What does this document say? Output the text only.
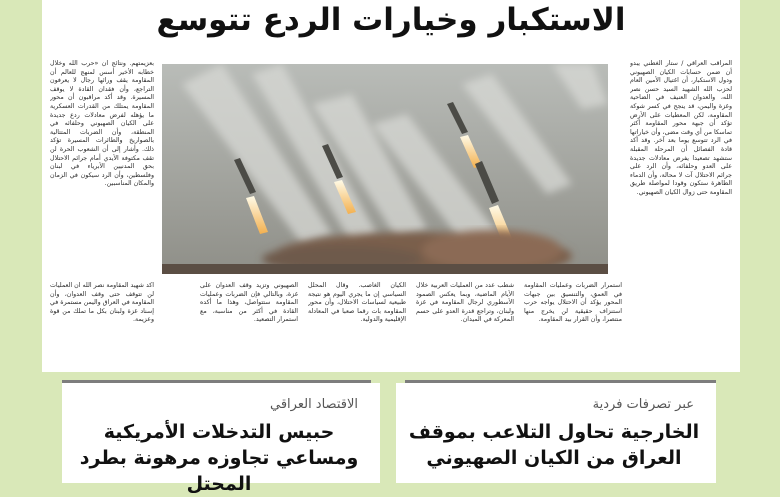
الاستكبار وخيارات الردع تتوسع
المراقب العراقي / ستار الغطني يبدو أن ضمن حسابات الكيان الصهيوني ودول الاستكبار، أن اغتيال الأمين العام لحزب الله الشهيد السيد حسن نصر الله، والعدوان العنيف في الضاحية وغزة واليمن، قد ينجح في كسر شوكة المقاومة، لكن المعطيات على الأرض تؤكد أن جبهة محور المقاومة أكثر تماسكا من أي وقت مضى، وأن خياراتها في الرد تتوسع يوما بعد آخر. وقد أكد قادة الفصائل أن المرحلة المقبلة ستشهد تصعيدا يفرض معادلات جديدة على العدو وحلفائه، وأن الرد على جرائم الاحتلال آت لا محالة، وأن الدماء الطاهرة ستكون وقودا لمواصلة طريق المقاومة حتى زوال الكيان الصهيوني.
بعزيمتهم. ونتائج أن «حرب الله وخلال خطابه الأخير أسس لمنهج للعالم أن المقاومة يقف ورائها رجال لا يعرفون التراجع، وأن فقدان القادة لا يوقف المسيرة. وقد أكد مراقبون أن محور المقاومة يمتلك من القدرات العسكرية ما يؤهله لفرض معادلات ردع جديدة على الكيان الصهيوني وحلفائه في المنطقة، وأن الضربات المتتالية بالصواريخ والطائرات المسيرة تؤكد ذلك. وأشار إلى أن الشعوب الحرة لن تقف مكتوفة الأيدي أمام جرائم الاحتلال بحق المدنيين الأبرياء في لبنان وفلسطين، وأن الرد سيكون في الزمان والمكان المناسبين.
استمرار الضربات وعمليات المقاومة في العمق، والتنسيق بين جبهات المحور يؤكد أن الاحتلال يواجه حرب استنزاف حقيقية لن يخرج منها منتصرا، وأن القرار بيد المقاومة.
شطب عدد من العمليات العربية خلال الأيام الماضية، وبما يعكس الصمود الأسطوري لرجال المقاومة في غزة ولبنان، وتراجع قدرة العدو على حسم المعركة في الميدان.
الكيان الغاصب. وقال المحلل السياسي إن ما يجري اليوم هو نتيجة طبيعية لسياسات الاحتلال، وأن محور المقاومة بات رقما صعبا في المعادلة الإقليمية والدولية.
الصهيوني وتزيد وقف العدوان على غزة، وبالتالي فإن الضربات وعمليات المقاومة ستتواصل، وهذا ما أكده القادة في أكثر من مناسبة، مع استمرار التصعيد.
أكد شهيد المقاومة نصر الله أن العمليات لن تتوقف حتى وقف العدوان، وأن المقاومة في العراق واليمن مستمرة في إسناد غزة ولبنان بكل ما تملك من قوة وعزيمة.
الاقتصاد العراقي
حبيس التدخلات الأمريكية ومساعي تجاوزه مرهونة بطرد المحتل
عبر تصرفات فردية
الخارجية تحاول التلاعب بموقف العراق من الكيان الصهيوني
